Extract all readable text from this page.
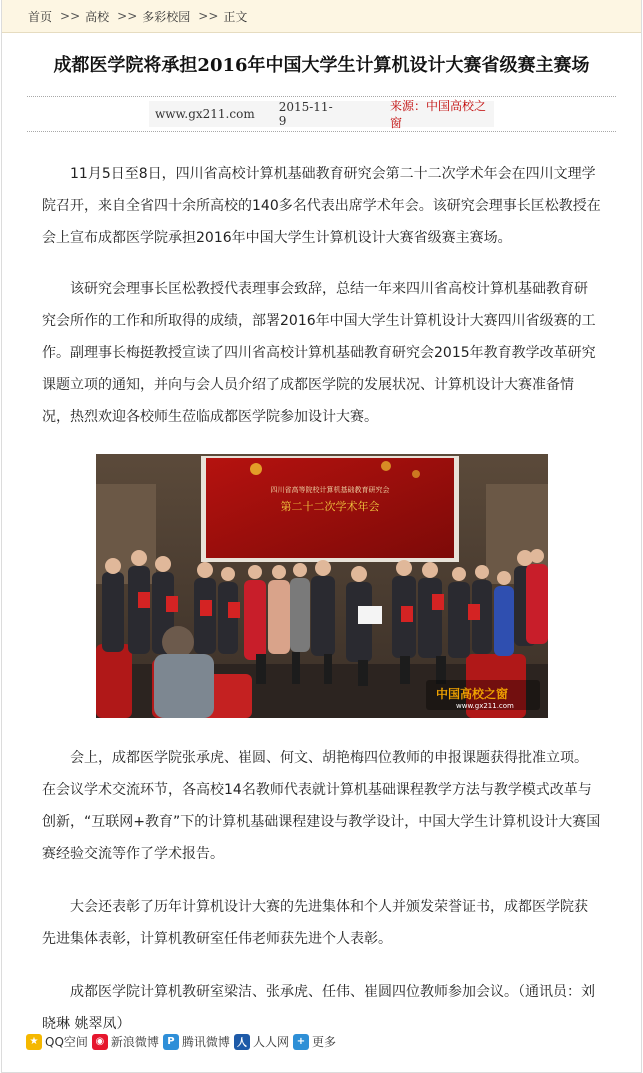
首页 >> 高校 >> 多彩校园 >> 正文
成都医学院将承担2016年中国大学生计算机设计大赛省级赛主赛场
www.gx211.com 2015-11-9
来源：中国高校之窗

11月5日至8日，四川省高校计算机基础教育研究会第二十二次学术年会在四川文理学院召开，来自全省四十余所高校的140多名代表出席学术年会。该研究会理事长匡松教授在会上宣布成都医学院承担2016年中国大学生计算机设计大赛省级赛主赛场。

该研究会理事长匡松教授代表理事会致辞，总结一年来四川省高校计算机基础教育研究会所作的工作和所取得的成绩，部署2016年中国大学生计算机设计大赛四川省级赛的工作。副理事长梅挺教授宣读了四川省高校计算机基础教育研究会2015年教育教学改革研究课题立项的通知，并向与会人员介绍了成都医学院的发展状况、计算机设计大赛准备情况，热烈欢迎各校师生莅临成都医学院参加设计大赛。

四川省高等院校计算机基础教育研究会
第二十二次学术年会
中国高校之窗
www.gx211.com

会上，成都医学院张承虎、崔圆、何文、胡艳梅四位教师的申报课题获得批准立项。在会议学术交流环节，各高校14名教师代表就计算机基础课程教学方法与教学模式改革与创新，“互联网+教育”下的计算机基础课程建设与教学设计，中国大学生计算机设计大赛国赛经验交流等作了学术报告。

大会还表彰了历年计算机设计大赛的先进集体和个人并颁发荣誉证书，成都医学院获先进集体表彰，计算机教研室任伟老师获先进个人表彰。

成都医学院计算机教研室梁洁、张承虎、任伟、崔圆四位教师参加会议。（通讯员：刘晓琳 姚翠凤）

★ QQ空间 ◉ 新浪微博 P 腾讯微博 人 人人网 + 更多
